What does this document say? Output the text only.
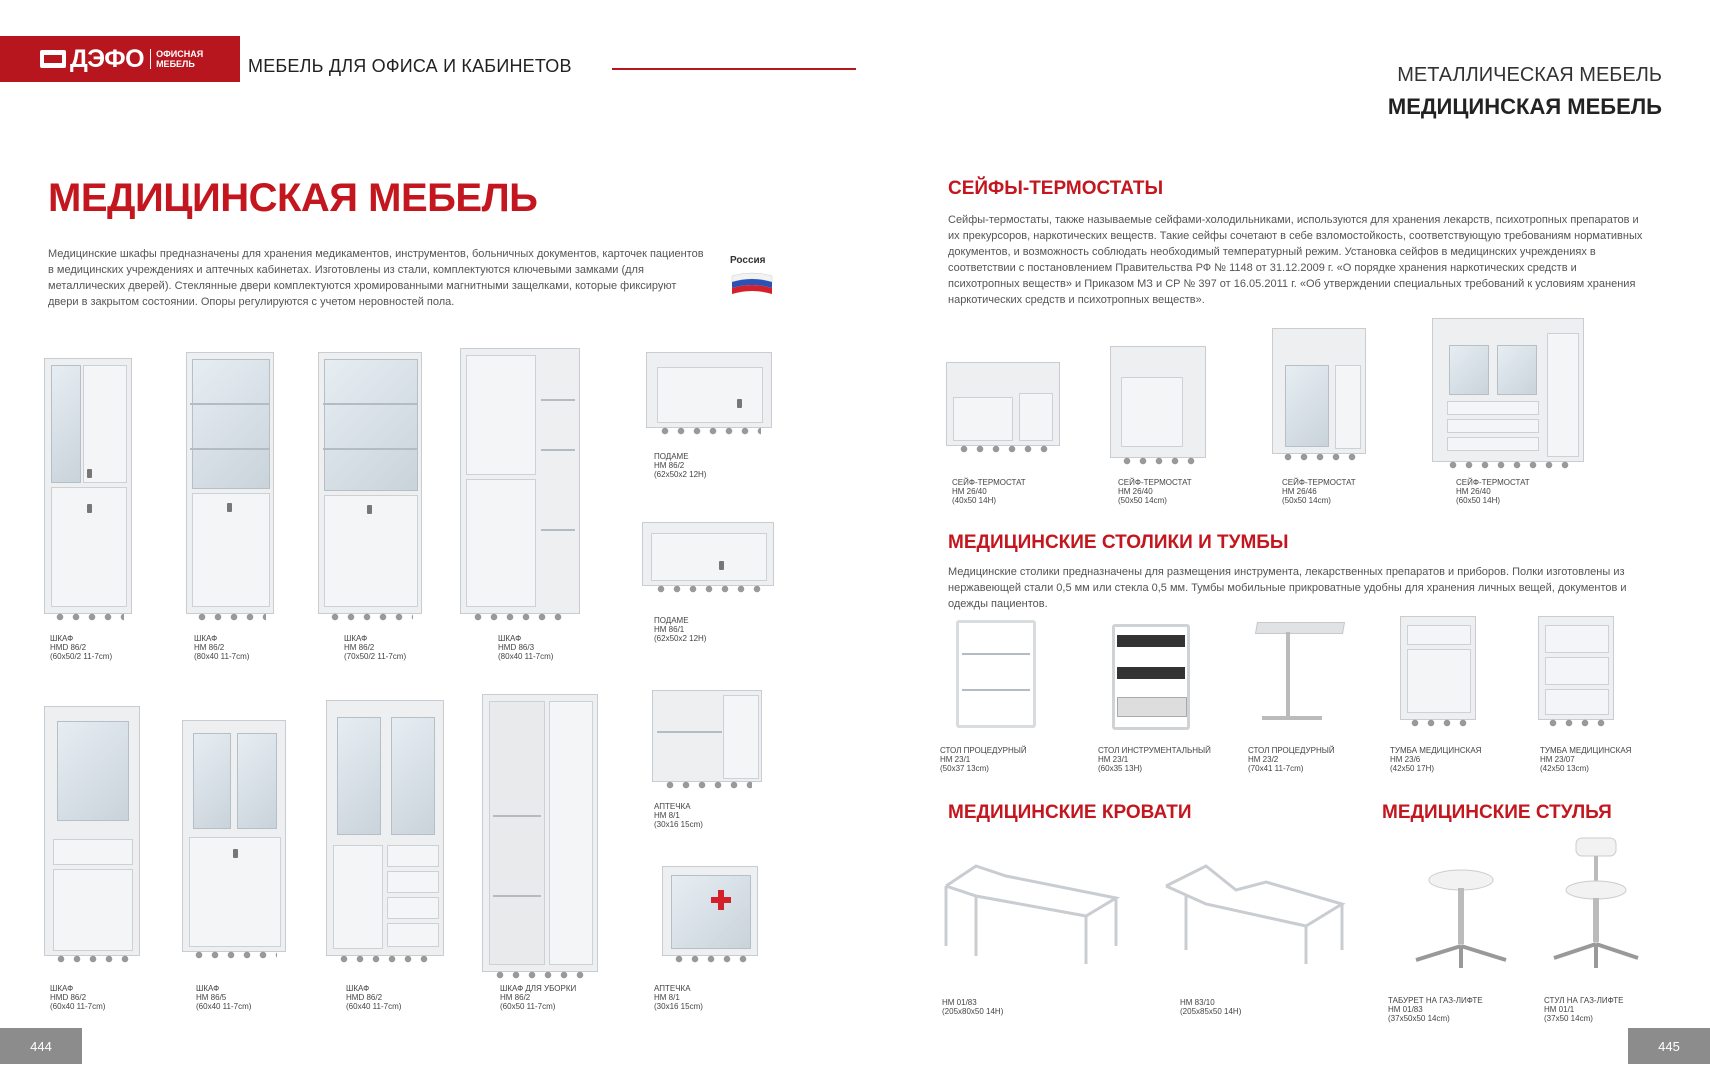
ДЭФО	ОФИСНАЯ
МЕБЕЛЬ	МЕБЕЛЬ ДЛЯ ОФИСА И КАБИНЕТОВ	МЕТАЛЛИЧЕСКАЯ МЕБЕЛЬ
МЕДИЦИНСКАЯ МЕБЕЛЬ
МЕДИЦИНСКАЯ МЕБЕЛЬ
Медицинские шкафы предназначены для хранения медикаментов, инструментов, больничных документов, карточек пациентов в медицинских учреждениях и аптечных кабинетах. Изготовлены из стали, комплектуются ключевыми замками (для металлических дверей). Стеклянные двери комплектуются хромированными магнитными защелками, которые фиксируют двери в закрытом состоянии. Опоры регулируются с учетом неровностей пола.
Россия
ШКАФ
HMD 86/2
(60x50/2 11-7cm)
ШКАФ
HM 86/2
(80x40 11-7cm)
ШКАФ
HM 86/2
(70x50/2 11-7cm)
ШКАФ
HMD 86/3
(80x40 11-7cm)
ПОДАМЕ
HM 86/2
(62x50x2 12H)
ПОДАМЕ
HM 86/1
(62x50x2 12H)
ШКАФ
HMD 86/2
(60x40 11-7cm)
ШКАФ
HM 86/5
(60x40 11-7cm)
ШКАФ
HMD 86/2
(60x40 11-7cm)
ШКАФ ДЛЯ УБОРКИ
HM 86/2
(60x50 11-7cm)
АПТЕЧКА
HM 8/1
(30x16 15cm)
АПТЕЧКА
HM 8/1
(30x16 15cm)
444
СЕЙФЫ-ТЕРМОСТАТЫ
Сейфы-термостаты, также называемые сейфами-холодильниками, используются для хранения лекарств, психотропных препаратов и их прекурсоров, наркотических веществ. Такие сейфы сочетают в себе взломостойкость, соответствующую требованиям нормативных документов, и возможность соблюдать необходимый температурный режим. Установка сейфов в медицинских учреждениях в соответствии с постановлением Правительства РФ № 1148 от 31.12.2009 г. «О порядке хранения наркотических средств и психотропных веществ» и Приказом МЗ и СР № 397 от 16.05.2011 г. «Об утверждении специальных требований к условиям хранения наркотических средств и психотропных веществ».
СЕЙФ-ТЕРМОСТАТ
HM 26/40
(40x50 14H)
СЕЙФ-ТЕРМОСТАТ
HM 26/40
(50x50 14cm)
СЕЙФ-ТЕРМОСТАТ
HM 26/46
(50x50 14cm)
СЕЙФ-ТЕРМОСТАТ
HM 26/40
(60x50 14H)
МЕДИЦИНСКИЕ СТОЛИКИ И ТУМБЫ
Медицинские столики предназначены для размещения инструмента, лекарственных препаратов и приборов. Полки изготовлены из нержавеющей стали 0,5 мм или стекла 0,5 мм. Тумбы мобильные прикроватные удобны для хранения личных вещей, документов и одежды пациентов.
СТОЛ ПРОЦЕДУРНЫЙ
HM 23/1
(50x37 13cm)
СТОЛ ИНСТРУМЕНТАЛЬНЫЙ
HM 23/1
(60x35 13H)
СТОЛ ПРОЦЕДУРНЫЙ
HM 23/2
(70x41 11-7cm)
ТУМБА МЕДИЦИНСКАЯ
HM 23/6
(42x50 17H)
ТУМБА МЕДИЦИНСКАЯ
HM 23/07
(42x50 13cm)
МЕДИЦИНСКИЕ КРОВАТИ	МЕДИЦИНСКИЕ СТУЛЬЯ
HM 01/83
(205x80x50 14H)
HM 83/10
(205x85x50 14H)
ТАБУРЕТ НА ГАЗ-ЛИФТЕ
HM 01/83
(37x50x50 14cm)
СТУЛ НА ГАЗ-ЛИФТЕ
HM 01/1
(37x50 14cm)
445
